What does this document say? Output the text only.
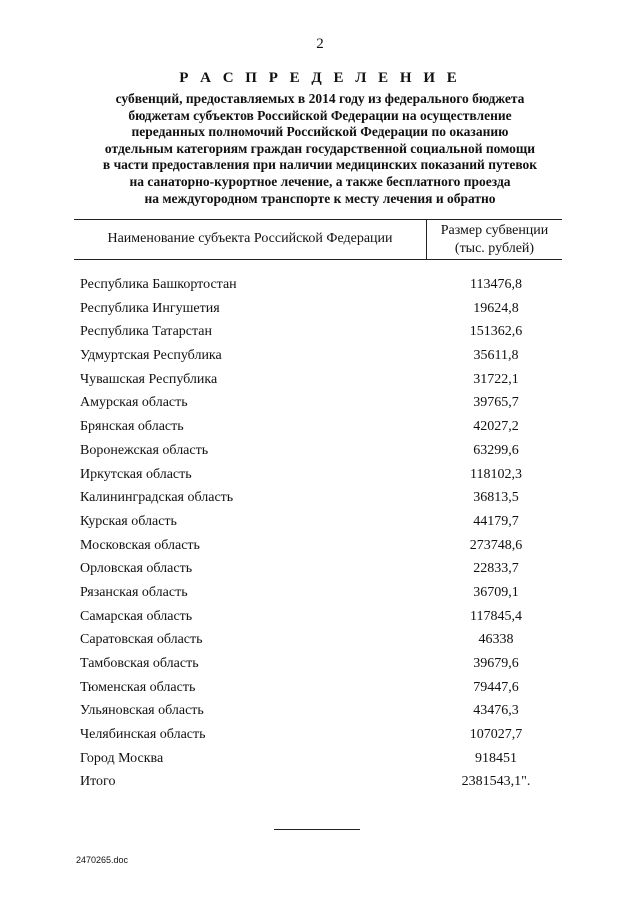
2
Р А С П Р Е Д Е Л Е Н И Е
субвенций, предоставляемых в 2014 году из федерального бюджета
бюджетам субъектов Российской Федерации на осуществление
переданных полномочий Российской Федерации по оказанию
отдельным категориям граждан государственной социальной помощи
в части предоставления при наличии медицинских показаний путевок
на санаторно-курортное лечение, а также бесплатного проезда
на междугородном транспорте к месту лечения и обратно
Наименование субъекта Российской Федерации
Размер субвенции
(тыс. рублей)
Республика Башкортостан	113476,8
Республика Ингушетия	19624,8
Республика Татарстан	151362,6
Удмуртская Республика	35611,8
Чувашская Республика	31722,1
Амурская область	39765,7
Брянская область	42027,2
Воронежская область	63299,6
Иркутская область	118102,3
Калининградская область	36813,5
Курская область	44179,7
Московская область	273748,6
Орловская область	22833,7
Рязанская область	36709,1
Самарская область	117845,4
Саратовская область	46338
Тамбовская область	39679,6
Тюменская область	79447,6
Ульяновская область	43476,3
Челябинская область	107027,7
Город Москва	918451
Итого	2381543,1".
2470265.doc
